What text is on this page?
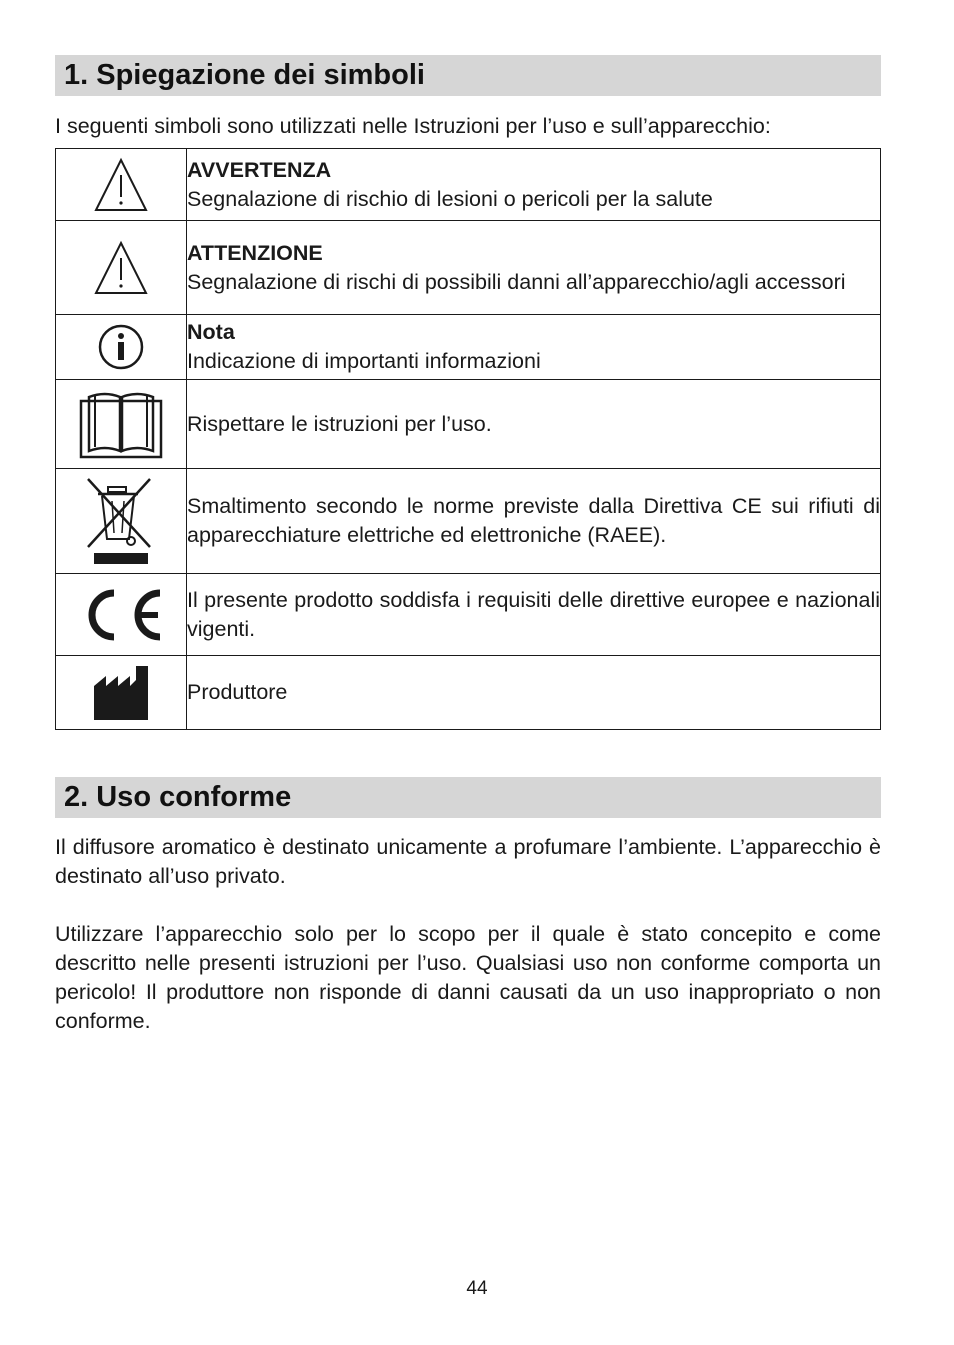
1. Spiegazione dei simboli
I seguenti simboli sono utilizzati nelle Istruzioni per l’uso e sull’apparecchio:

AVVERTENZA
Segnalazione di rischio di lesioni o pericoli per la salute

ATTENZIONE
Segnalazione di rischi di possibili danni all’apparecchio/agli accessori

Nota
Indicazione di importanti informazioni

Rispettare le istruzioni per l’uso.

Smaltimento secondo le norme previste dalla Direttiva CE sui rifiuti di apparecchiature elettriche ed elettroniche (RAEE).

Il presente prodotto soddisfa i requisiti delle direttive europee e nazionali vigenti.

Produttore
2. Uso conforme
Il diffusore aromatico è destinato unicamente a profumare l’ambiente. L’apparecchio è destinato all’uso privato.
Utilizzare l’apparecchio solo per lo scopo per il quale è stato concepito e come descritto nelle presenti istruzioni per l’uso. Qualsiasi uso non conforme comporta un pericolo! Il produttore non risponde di danni causati da un uso inappropriato o non conforme.
44
